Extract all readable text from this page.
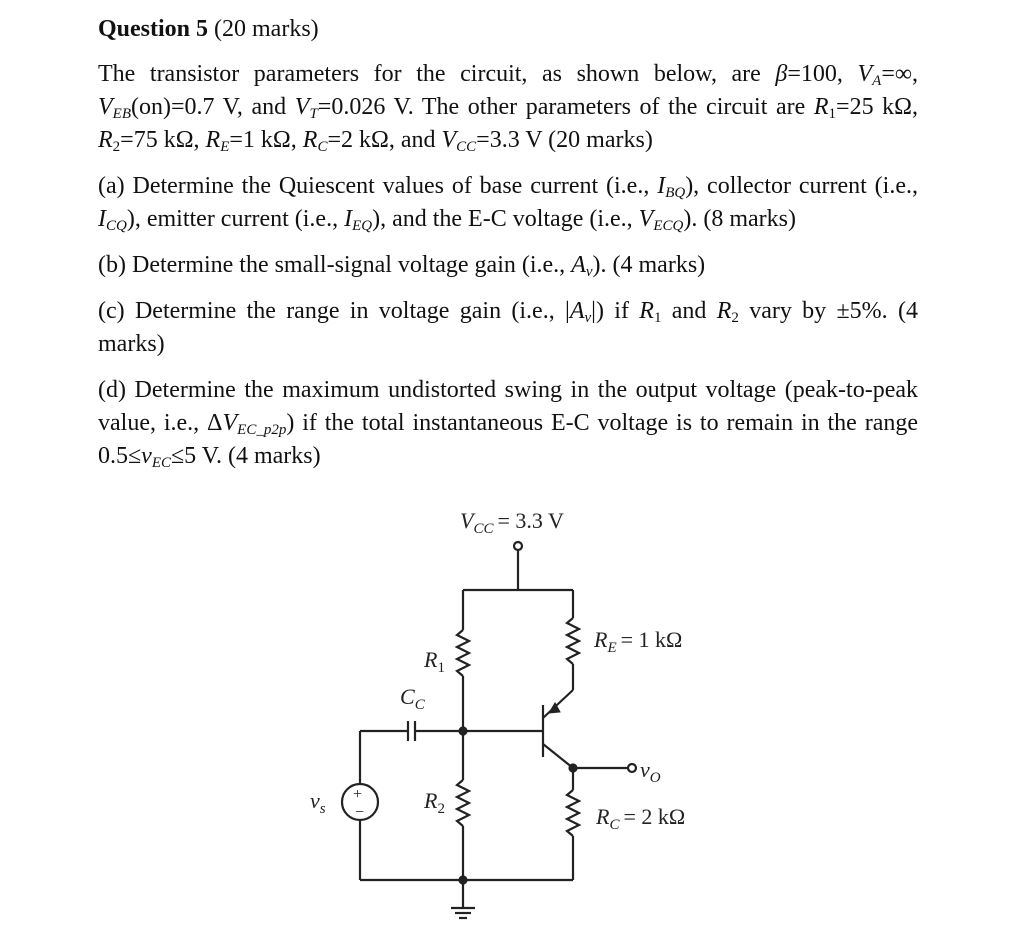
Question 5 (20 marks)

The transistor parameters for the circuit, as shown below, are β=100, $V_A=\infty$, $V_{EB}(on)=0.7$ V, and $V_T=0.026$ V. The other parameters of the circuit are $R_1=25$ kΩ, $R_2=75$ kΩ, $R_E=1$ kΩ, $R_C=2$ kΩ, and $V_{CC}=3.3$ V (20 marks)

(a) Determine the Quiescent values of base current (i.e., $I_{BQ}$), collector current (i.e., $I_{CQ}$), emitter current (i.e., $I_{EQ}$), and the E-C voltage (i.e., $V_{ECQ}$). (8 marks)

(b) Determine the small-signal voltage gain (i.e., $A_v$). (4 marks)

(c) Determine the range in voltage gain (i.e., $|A_v|$) if $R_1$ and $R_2$ vary by ±5%. (4 marks)

(d) Determine the maximum undistorted swing in the output voltage (peak-to-peak value, i.e., $\Delta V_{EC\_p2p}$) if the total instantaneous E-C voltage is to remain in the range $0.5\le v_{EC}\le 5$ V. (4 marks)

$V_{CC} = 3.3$ V
$R_E = 1$ kΩ
$R_C = 2$ kΩ
$R_1$
$R_2$
$C_C$
$v_s$
$v_O$
+
−
